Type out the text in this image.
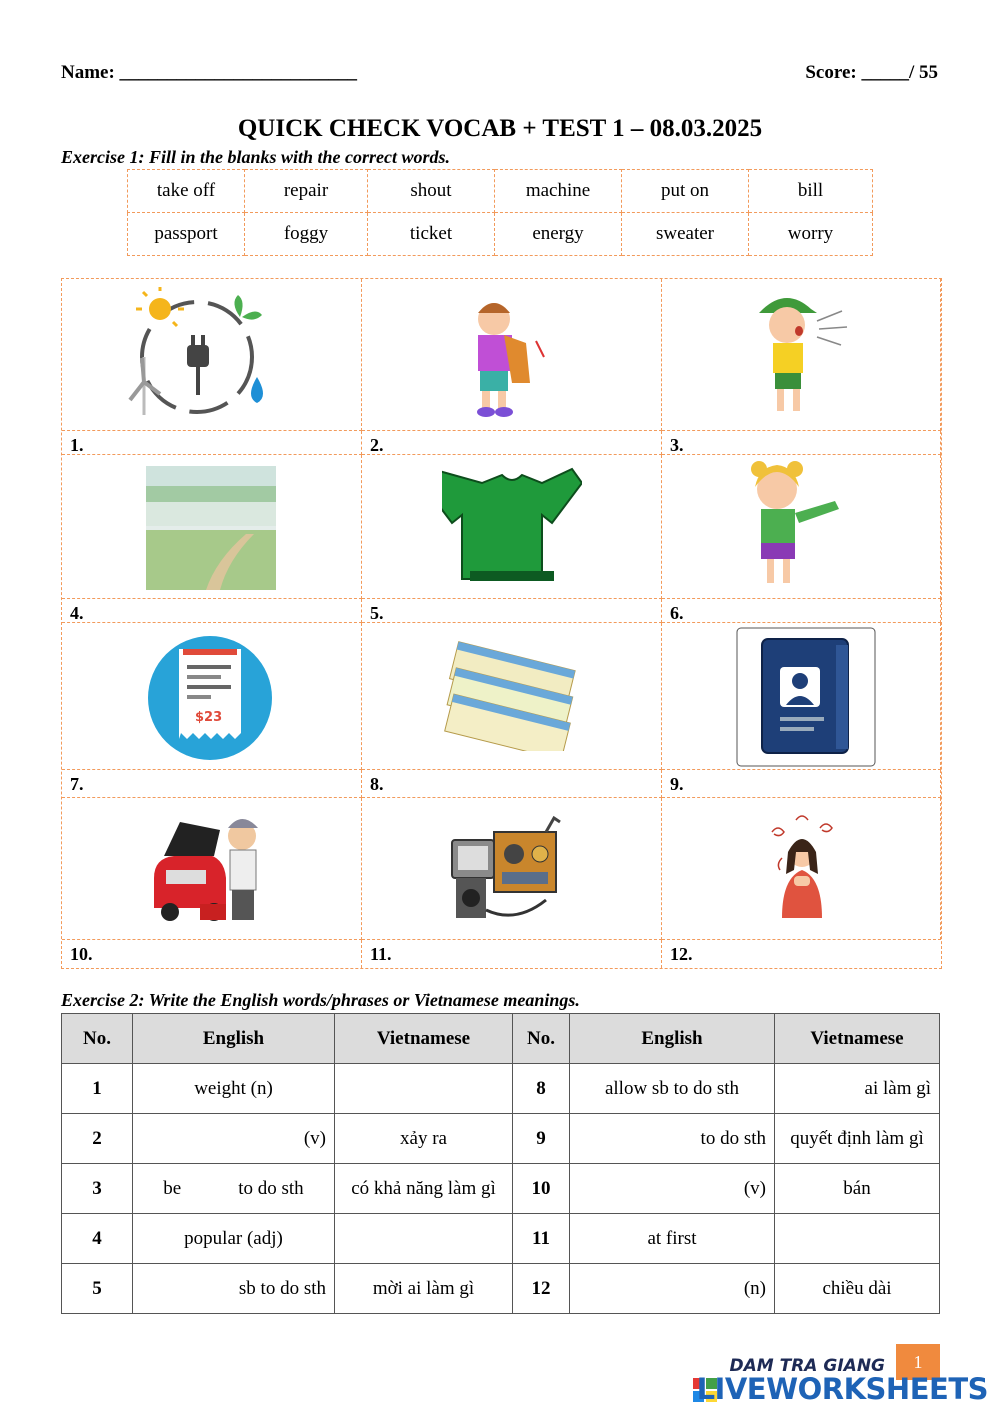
Name: _________________________	Score: _____/ 55
QUICK CHECK VOCAB + TEST 1 – 08.03.2025
Exercise 1: Fill in the blanks with the correct words.
take off	repair	shout	machine	put on	bill
passport	foggy	ticket	energy	sweater	worry
1.	2.	3.
4.	5.	6.
$23
7.	8.	9.
10.	11.	12.
Exercise 2: Write the English words/phrases or Vietnamese meanings.
No.	English	Vietnamese	No.	English	Vietnamese
1	weight (n)		8	allow sb to do sth	ai làm gì
2	(v)	xảy ra	9	to do sth	quyết định làm gì
3	be            to do sth	có khả năng làm gì	10	(v)	bán
4	popular (adj)		11	at first	
5	sb to do sth	mời ai làm gì	12	(n)	chiều dài
1
DAM TRA GIANG
LIVEWORKSHEETS
